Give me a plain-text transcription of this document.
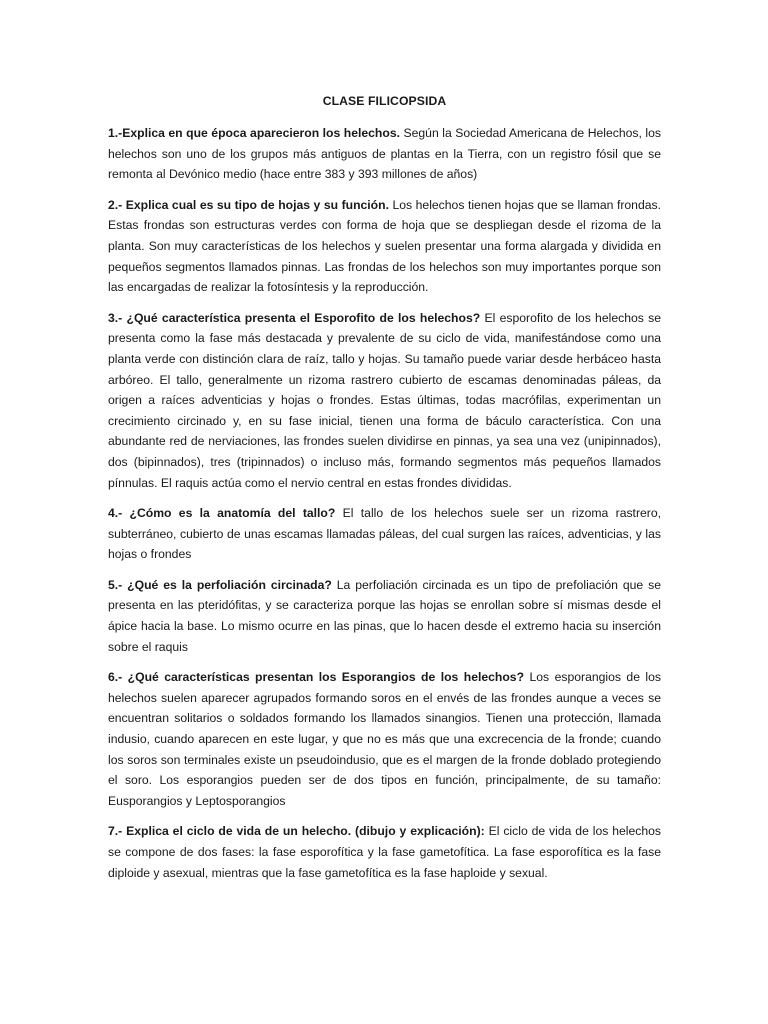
CLASE FILICOPSIDA

1.-Explica en que época aparecieron los helechos. Según la Sociedad Americana de Helechos, los helechos son uno de los grupos más antiguos de plantas en la Tierra, con un registro fósil que se remonta al Devónico medio (hace entre 383 y 393 millones de años)

2.- Explica cual es su tipo de hojas y su función. Los helechos tienen hojas que se llaman frondas. Estas frondas son estructuras verdes con forma de hoja que se despliegan desde el rizoma de la planta. Son muy características de los helechos y suelen presentar una forma alargada y dividida en pequeños segmentos llamados pinnas. Las frondas de los helechos son muy importantes porque son las encargadas de realizar la fotosíntesis y la reproducción.

3.- ¿Qué característica presenta el Esporofito de los helechos? El esporofito de los helechos se presenta como la fase más destacada y prevalente de su ciclo de vida, manifestándose como una planta verde con distinción clara de raíz, tallo y hojas. Su tamaño puede variar desde herbáceo hasta arbóreo. El tallo, generalmente un rizoma rastrero cubierto de escamas denominadas páleas, da origen a raíces adventicias y hojas o frondes. Estas últimas, todas macrófilas, experimentan un crecimiento circinado y, en su fase inicial, tienen una forma de báculo característica. Con una abundante red de nerviaciones, las frondes suelen dividirse en pinnas, ya sea una vez (unipinnados), dos (bipinnados), tres (tripinnados) o incluso más, formando segmentos más pequeños llamados pínnulas. El raquis actúa como el nervio central en estas frondes divididas.

4.- ¿Cómo es la anatomía del tallo? El tallo de los helechos suele ser un rizoma rastrero, subterráneo, cubierto de unas escamas llamadas páleas, del cual surgen las raíces, adventicias, y las hojas o frondes

5.- ¿Qué es la perfoliación circinada? La perfoliación circinada es un tipo de prefoliación que se presenta en las pteridófitas, y se caracteriza porque las hojas se enrollan sobre sí mismas desde el ápice hacia la base. Lo mismo ocurre en las pinas, que lo hacen desde el extremo hacia su inserción sobre el raquis

6.- ¿Qué características presentan los Esporangios de los helechos? Los esporangios de los helechos suelen aparecer agrupados formando soros en el envés de las frondes aunque a veces se encuentran solitarios o soldados formando los llamados sinangios. Tienen una protección, llamada indusio, cuando aparecen en este lugar, y que no es más que una excrecencia de la fronde; cuando los soros son terminales existe un pseudoindusio, que es el margen de la fronde doblado protegiendo el soro. Los esporangios pueden ser de dos tipos en función, principalmente, de su tamaño: Eusporangios y Leptosporangios

7.- Explica el ciclo de vida de un helecho. (dibujo y explicación): El ciclo de vida de los helechos se compone de dos fases: la fase esporofítica y la fase gametofítica. La fase esporofítica es la fase diploide y asexual, mientras que la fase gametofítica es la fase haploide y sexual.
